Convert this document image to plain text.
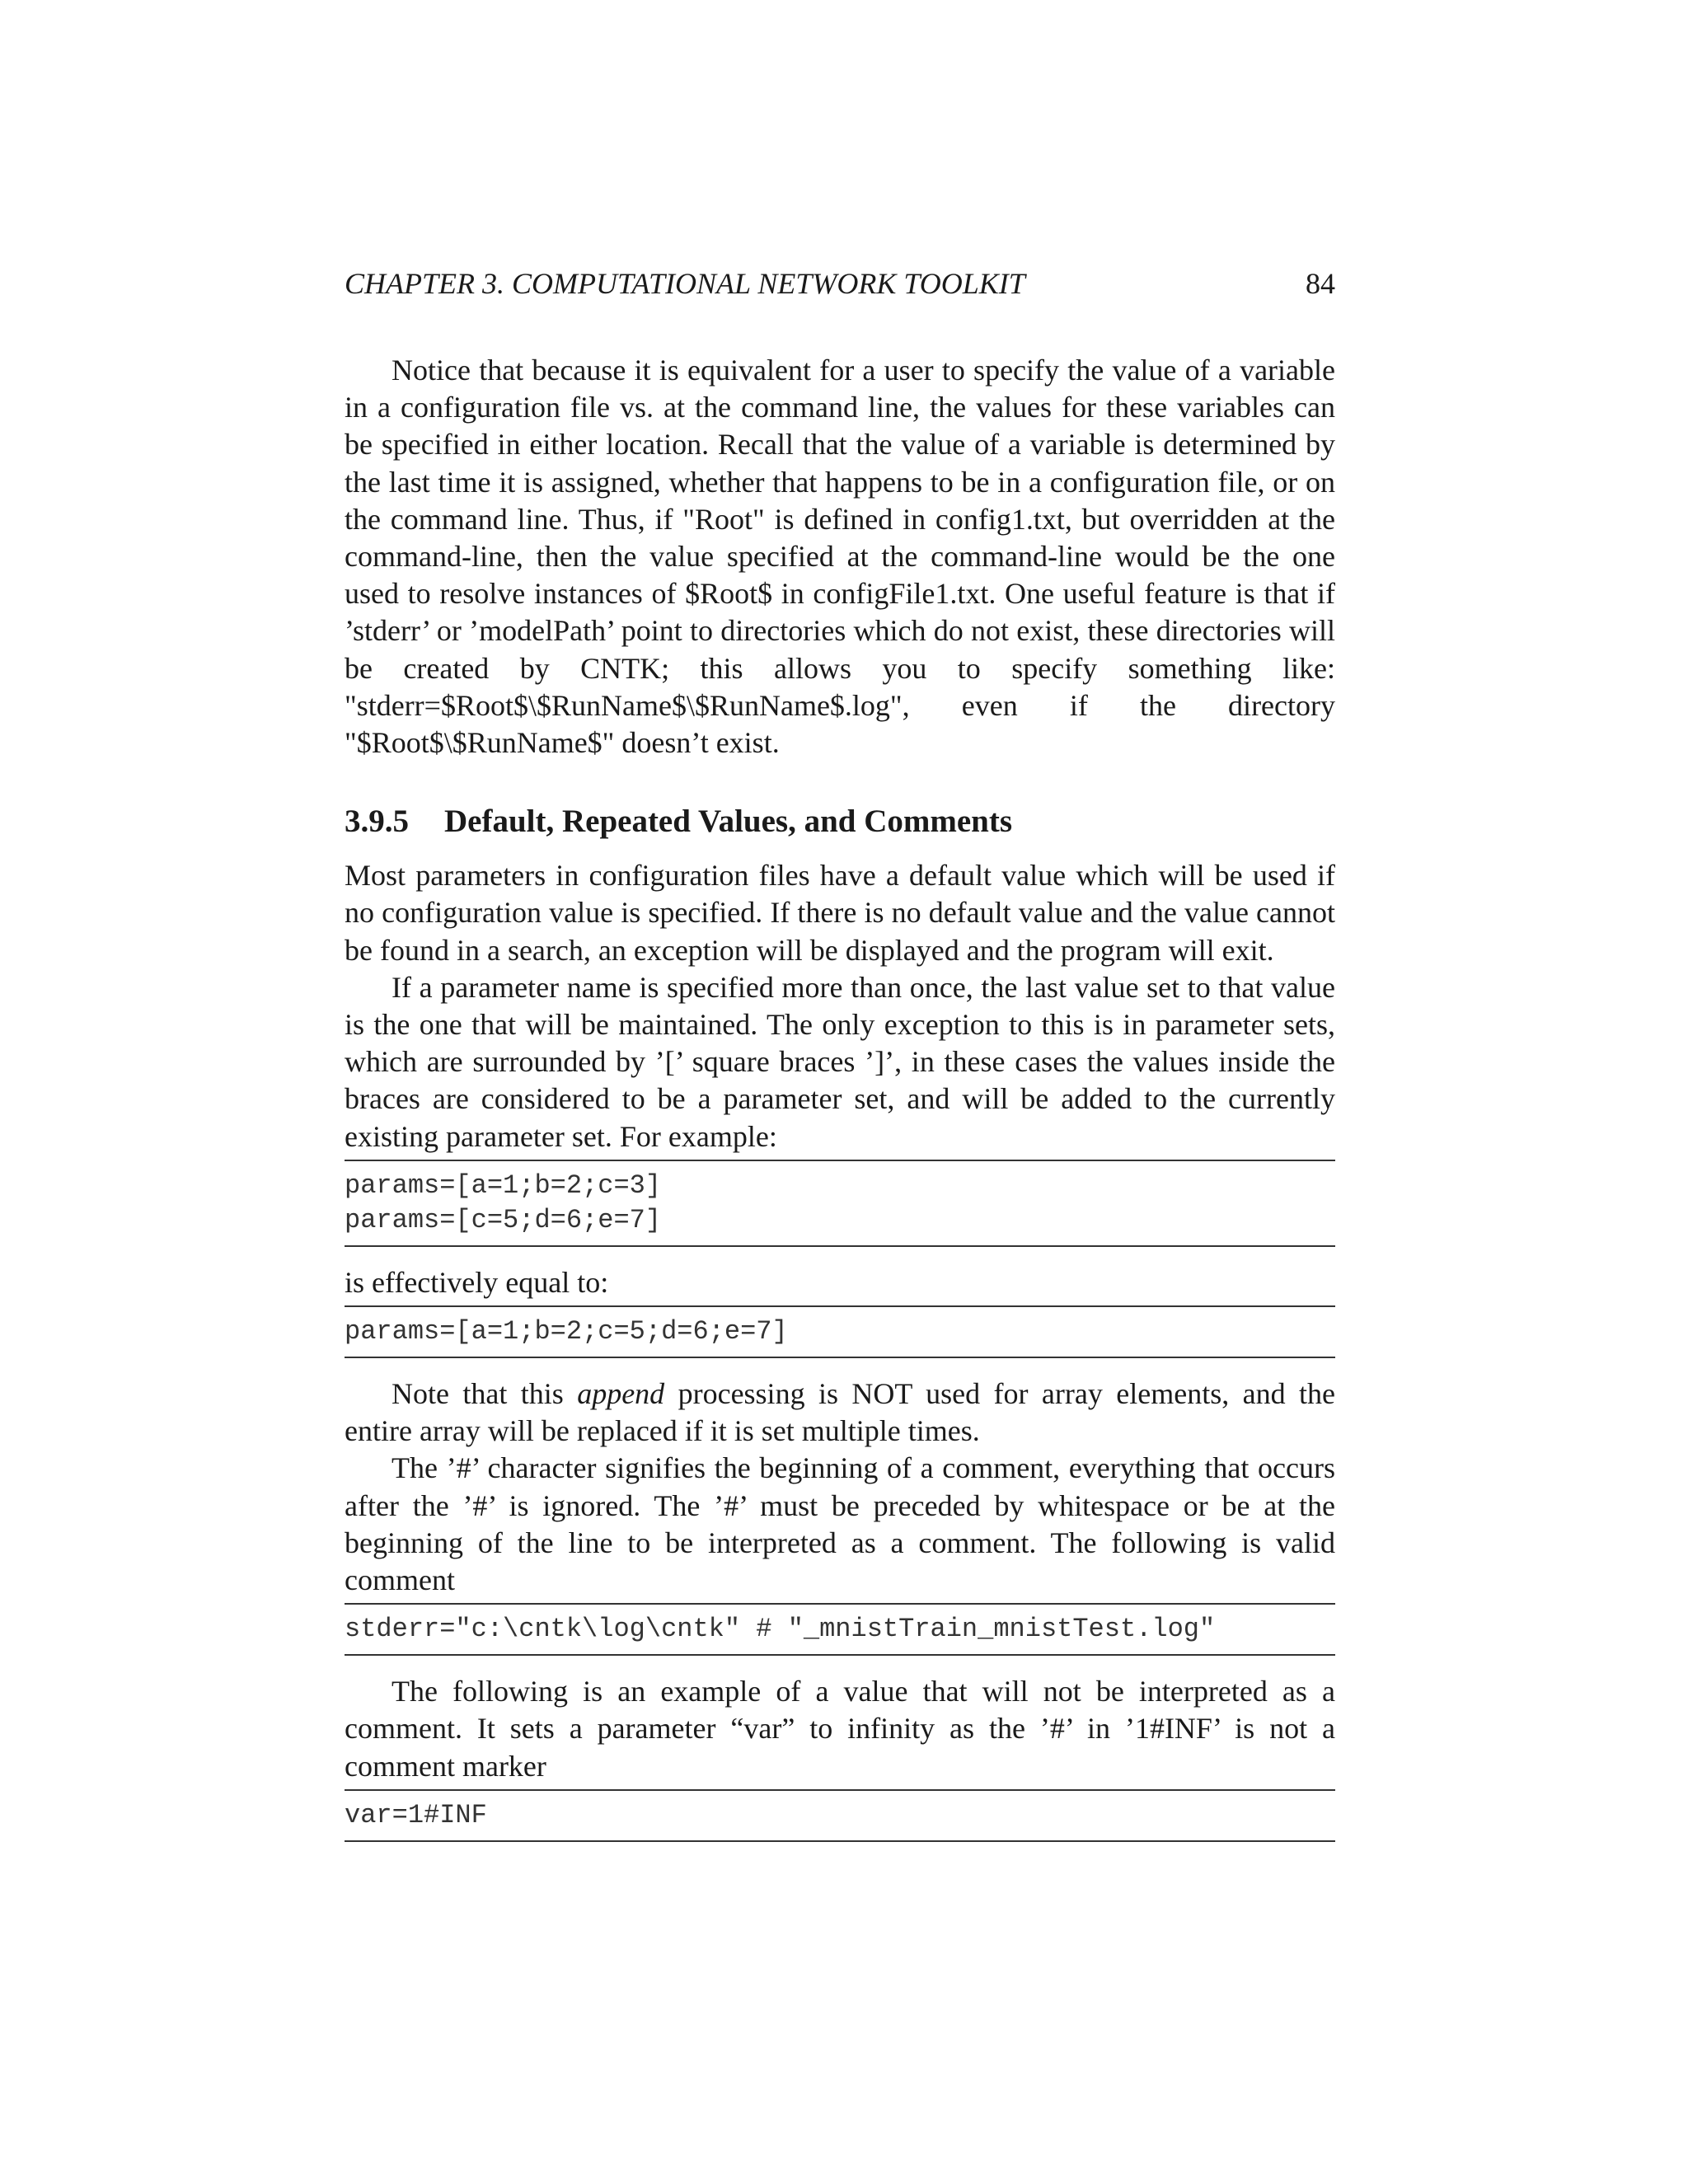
CHAPTER 3. COMPUTATIONAL NETWORK TOOLKIT	84

Notice that because it is equivalent for a user to specify the value of a variable in a configuration file vs. at the command line, the values for these variables can be specified in either location. Recall that the value of a variable is determined by the last time it is assigned, whether that happens to be in a configuration file, or on the command line. Thus, if "Root" is defined in config1.txt, but overridden at the command-line, then the value specified at the command-line would be the one used to resolve instances of $Root$ in configFile1.txt. One useful feature is that if ’stderr’ or ’modelPath’ point to directories which do not exist, these directories will be created by CNTK; this allows you to specify something like: "stderr=$Root$\$RunName$\$RunName$.log", even if the directory "$Root$\$RunName$" doesn’t exist.

3.9.5 Default, Repeated Values, and Comments

Most parameters in configuration files have a default value which will be used if no configuration value is specified. If there is no default value and the value cannot be found in a search, an exception will be displayed and the program will exit.

If a parameter name is specified more than once, the last value set to that value is the one that will be maintained. The only exception to this is in parameter sets, which are surrounded by ’[’ square braces ’]’, in these cases the values inside the braces are considered to be a parameter set, and will be added to the currently existing parameter set. For example:

params=[a=1;b=2;c=3]
params=[c=5;d=6;e=7]

is effectively equal to:

params=[a=1;b=2;c=5;d=6;e=7]

Note that this append processing is NOT used for array elements, and the entire array will be replaced if it is set multiple times.

The ’#’ character signifies the beginning of a comment, everything that occurs after the ’#’ is ignored. The ’#’ must be preceded by whitespace or be at the beginning of the line to be interpreted as a comment. The following is valid comment

stderr="c:\cntk\log\cntk" # "_mnistTrain_mnistTest.log"

The following is an example of a value that will not be interpreted as a comment. It sets a parameter “var” to infinity as the ’#’ in ’1#INF’ is not a comment marker

var=1#INF
